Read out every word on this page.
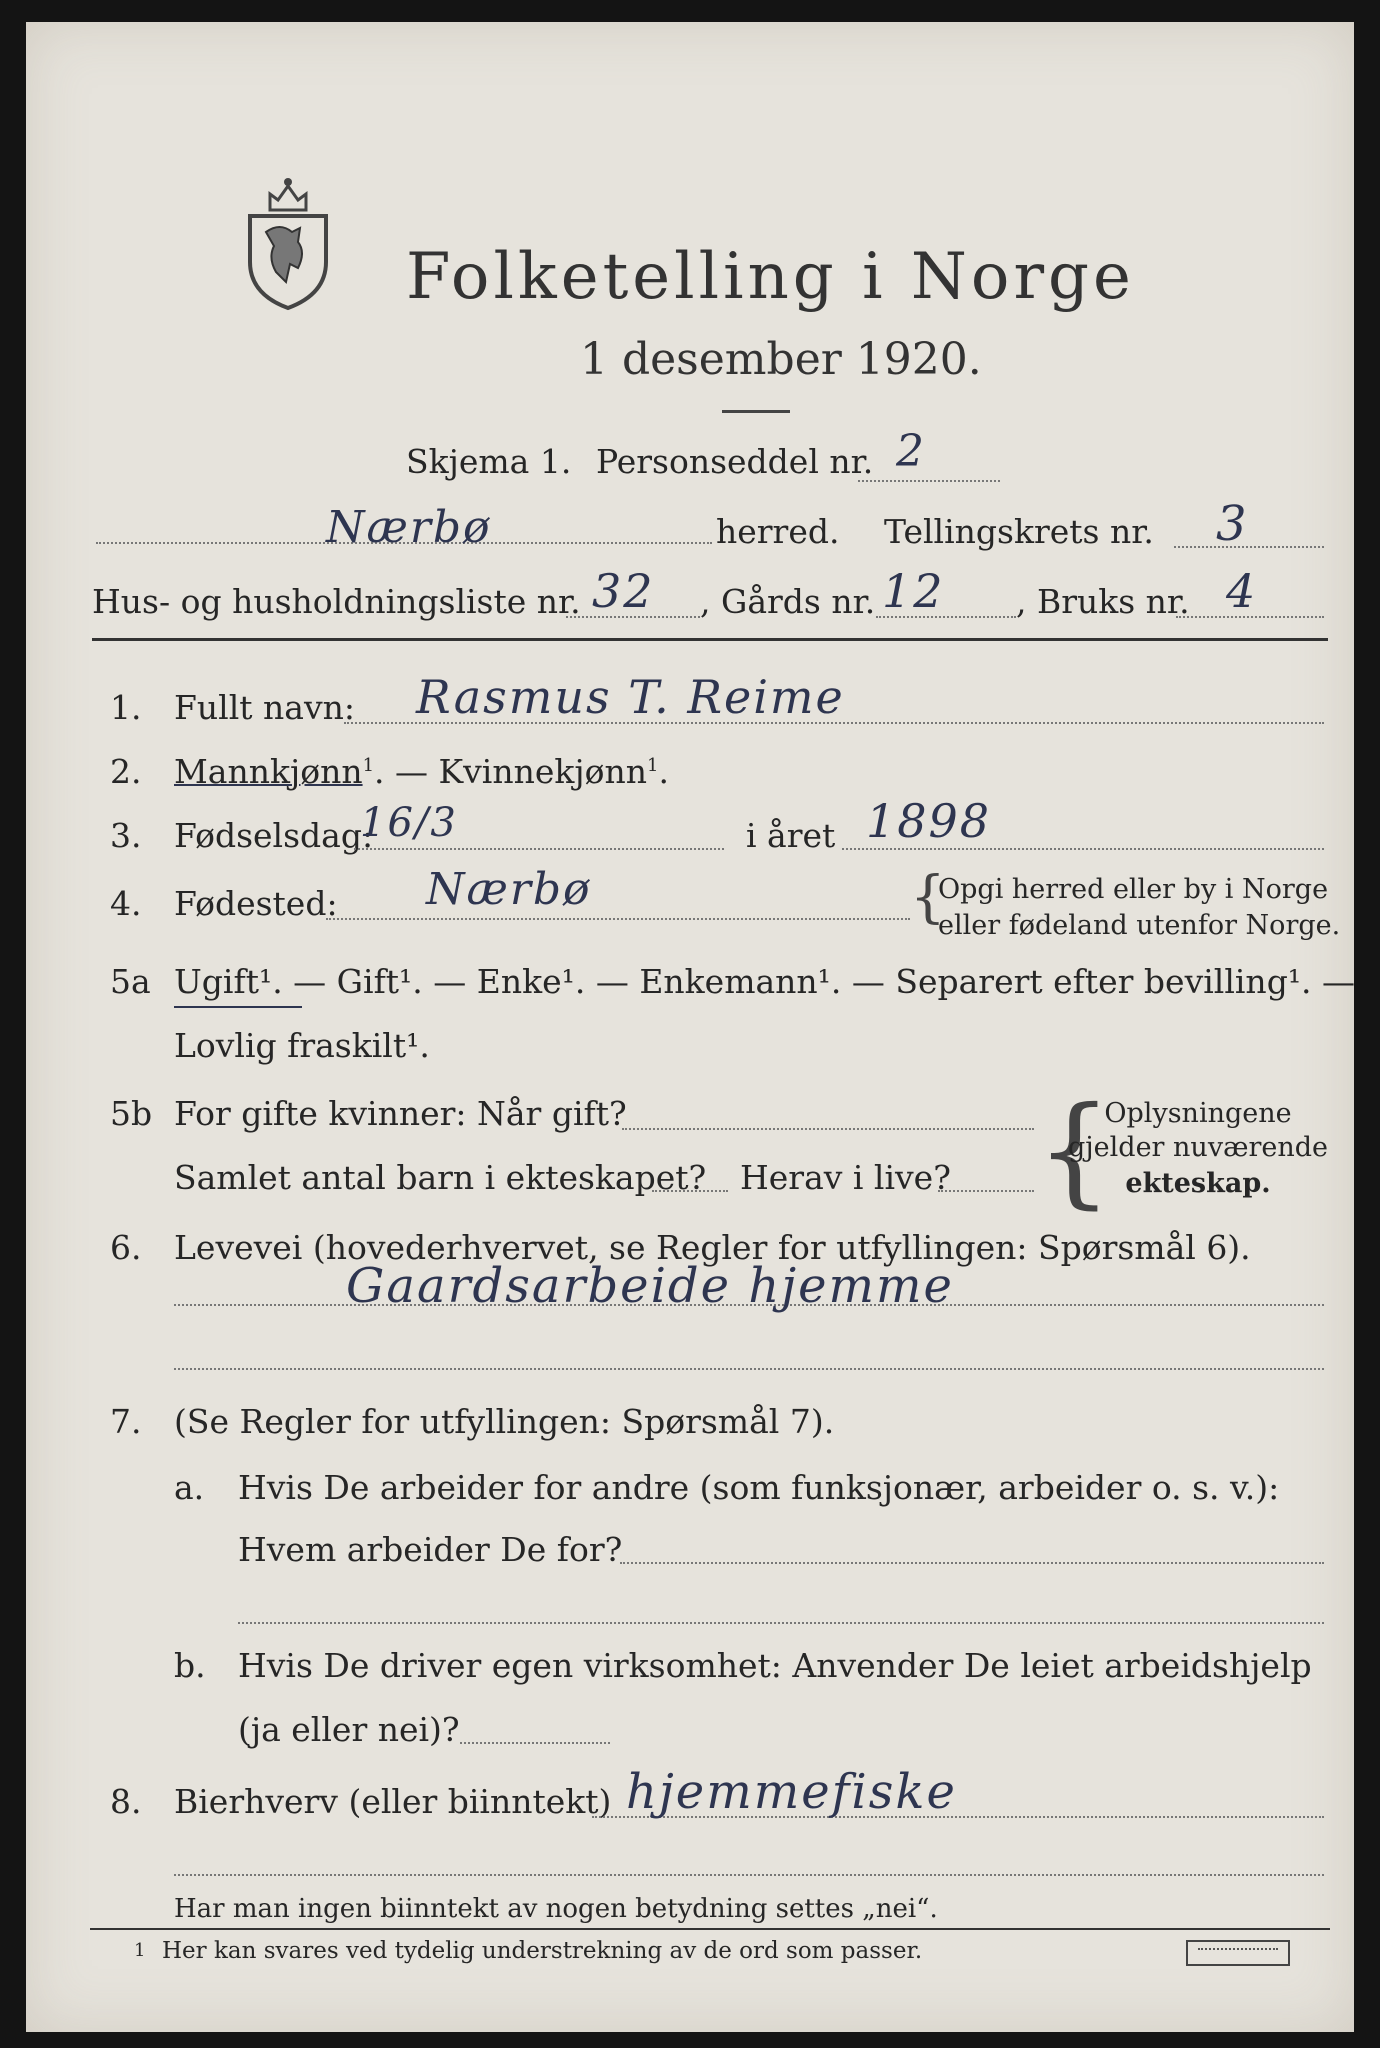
Folketelling i Norge
1 desember 1920.
Skjema 1. Personseddel nr. 2
Nærbø	herred. Tellingskrets nr. 3
Hus- og husholdningsliste nr. 32 , Gårds nr. 12 , Bruks nr. 4
1. Fullt navn: Rasmus T. Reime
2. Mannkjønn$^1$. — Kvinnekjønn$^1$.
3. Fødselsdag:
16/3	i året 1898
4. Fødested: Nærbø	{
Opgi herred eller by i Norge
eller fødeland utenfor Norge.
5a Ugift¹. — Gift¹. — Enke¹. — Enkemann¹. — Separert efter bevilling¹. —
Lovlig fraskilt¹.
5b For gifte kvinner: Når gift?
Samlet antal barn i ekteskapet? Herav i live? {
Oplysningene
gjelder nuværende
ekteskap.
6. Levevei (hovederhvervet, se Regler for utfyllingen: Spørsmål 6).
Gaardsarbeide hjemme
7. (Se Regler for utfyllingen: Spørsmål 7).
a. Hvis De arbeider for andre (som funksjonær, arbeider o. s. v.):
Hvem arbeider De for?
b. Hvis De driver egen virksomhet: Anvender De leiet arbeidshjelp
(ja eller nei)?
8. Bierhverv (eller biinntekt) hjemmefiske
Har man ingen biinntekt av nogen betydning settes „nei“.
1 Her kan svares ved tydelig understrekning av de ord som passer.
